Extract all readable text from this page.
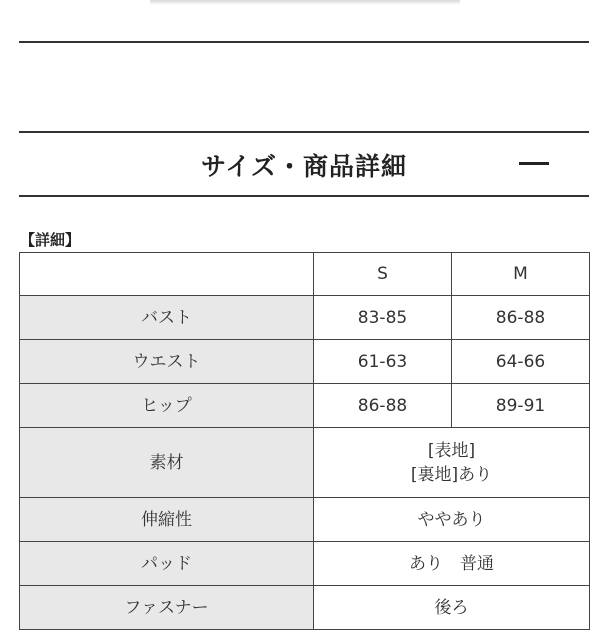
サイズ・商品詳細
【詳細】
	S	M
バスト	83-85	86-88
ウエスト	61-63	64-66
ヒップ	86-88	89-91
素材	[表地]
[裏地]あり	

伸縮性	ややあり	
パッド	あり　普通	
ファスナー	後ろ	
